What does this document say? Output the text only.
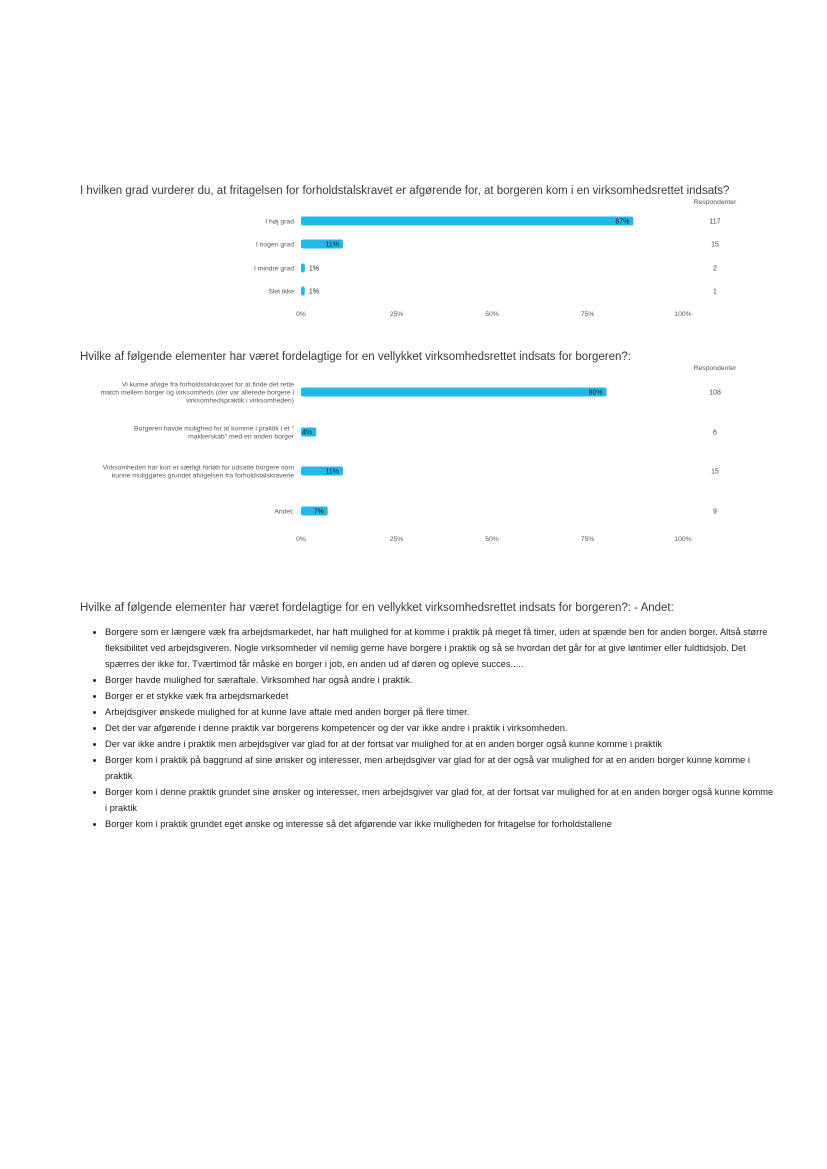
I hvilken grad vurderer du, at fritagelsen for forholdstalskravet er afgørende for, at borgeren kom i en virksomhedsrettet indsats?
Respondenter
87%
I høj grad	117
11%
I nogen grad	15
1%
I mindre grad	2
1%
Slet ikke	1
0%	25%	50%	75%	100%
Hvilke af følgende elementer har været fordelagtige for en vellykket virksomhedsrettet indsats for borgeren?:
Respondenter
80%
Vi kunne afvige fra forholdstalskravet for at finde det rette match mellem borger og virksomheds (der var allerede borgere i virksomhedspraktik i virksomheden)
108
4%
Borgeren havde mulighed for at komme i praktik i et " makkerskab" med en anden borger
6
11%
Virksomheden har kort et særligt forløb for udsatte borgere som kunne muliggøres grundet afvigelsen fra forholdstalskravene
15
7%
Andet:	9
0%	25%	50%	75%	100%
Hvilke af følgende elementer har været fordelagtige for en vellykket virksomhedsrettet indsats for borgeren?: - Andet:
• Borgere som er længere væk fra arbejdsmarkedet, har haft mulighed for at komme i praktik på meget få timer, uden at spænde ben for anden borger. Altså større fleksibilitet ved arbejdsgiveren. Nogle virksomheder vil nemlig gerne have borgere i praktik og så se hvordan det går for at give løntimer eller fuldtidsjob. Det spærres der ikke for. Tværtimod får måske en borger i job, en anden ud af døren og oplevе succes.....
• Borger havde mulighed for særaftale. Virksomhed har også andre i praktik.
• Borger er et stykke væk fra arbejdsmarkedet
• Arbejdsgiver ønskede mulighed for at kunne lave aftale med anden borger på flere timer.
• Det der var afgørende i denne praktik var borgerens kompetencer og der var ikke andre i praktik i virksomheden.
• Der var ikke andre i praktik men arbejdsgiver var glad for at der fortsat var mulighed for at en anden borger også kunne komme i praktik
• Borger kom i praktik på baggrund af sine ønsker og interesser, men arbejdsgiver var glad for at der også var mulighed for at en anden borger kunne komme i praktik
• Borger kom i denne praktik grundet sine ønsker og interesser, men arbejdsgiver var glad for, at der fortsat var mulighed for at en anden borger også kunne komme i praktik
• Borger kom i praktik grundet eget ønske og interesse så det afgørende var ikke muligheden for fritagelse for forholdstallene
